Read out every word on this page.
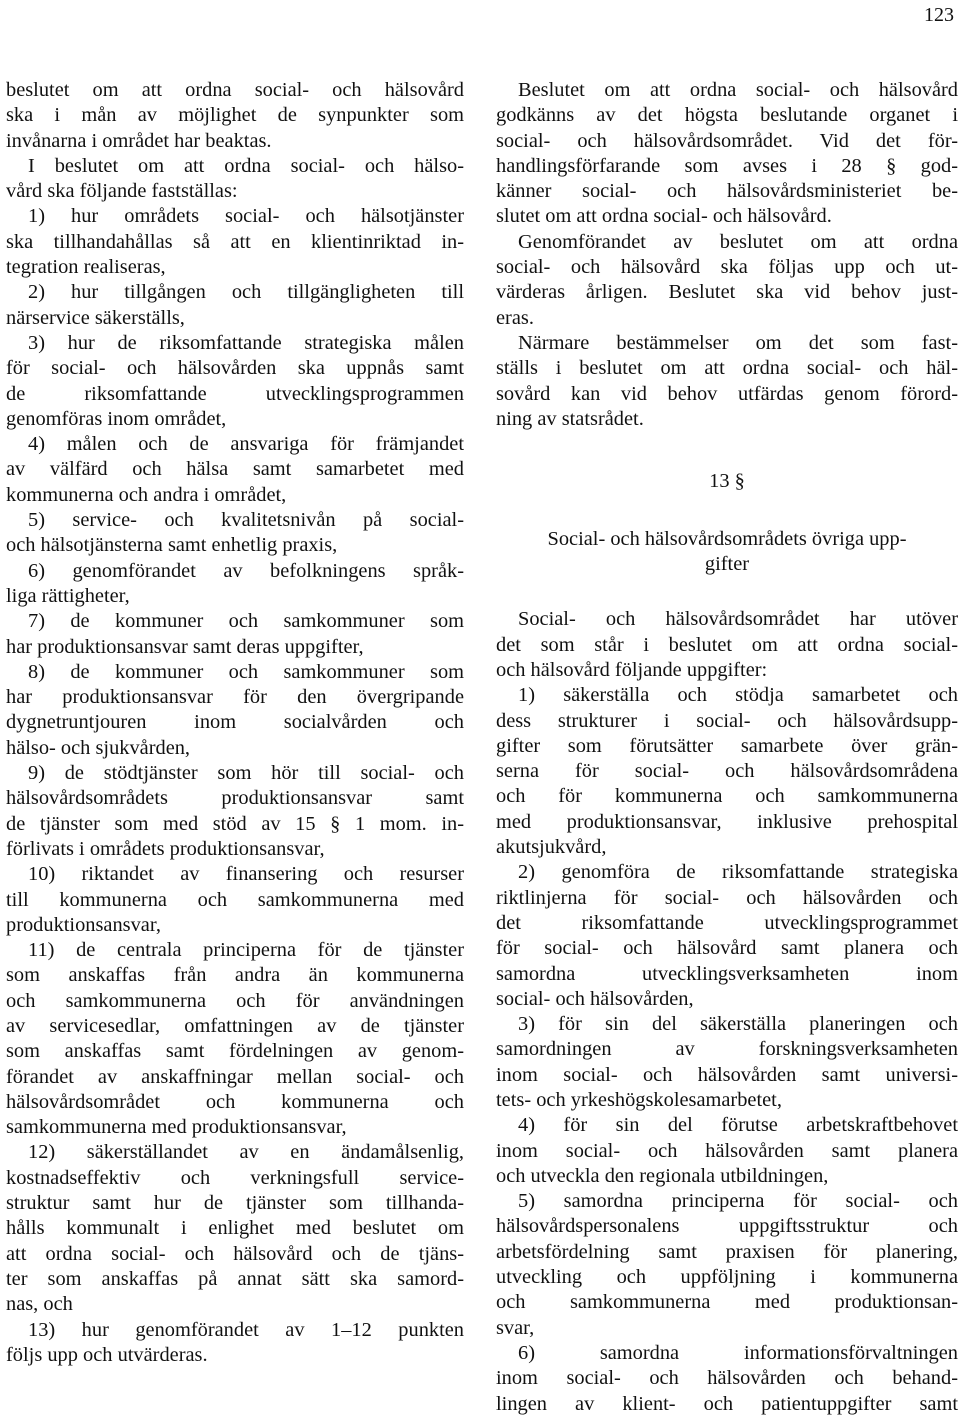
123
beslutet om att ordna social- och hälsovård
ska i mån av möjlighet de synpunkter som
invånarna i området har beaktas.
I beslutet om att ordna social- och hälso-
vård ska följande fastställas:
1) hur områdets social- och hälsotjänster
ska tillhandahållas så att en klientinriktad in-
tegration realiseras,
2) hur tillgången och tillgängligheten till
närservice säkerställs,
3) hur de riksomfattande strategiska målen
för social- och hälsovården ska uppnås samt
de riksomfattande utvecklingsprogrammen
genomföras inom området,
4) målen och de ansvariga för främjandet
av välfärd och hälsa samt samarbetet med
kommunerna och andra i området,
5) service- och kvalitetsnivån på social-
och hälsotjänsterna samt enhetlig praxis,
6) genomförandet av befolkningens språk-
liga rättigheter,
7) de kommuner och samkommuner som
har produktionsansvar samt deras uppgifter,
8) de kommuner och samkommuner som
har produktionsansvar för den övergripande
dygnetruntjouren inom socialvården och
hälso- och sjukvården,
9) de stödtjänster som hör till social- och
hälsovårdsområdets produktionsansvar samt
de tjänster som med stöd av 15 § 1 mom. in-
förlivats i områdets produktionsansvar,
10) riktandet av finansering och resurser
till kommunerna och samkommunerna med
produktionsansvar,
11) de centrala principerna för de tjänster
som anskaffas från andra än kommunerna
och samkommunerna och för användningen
av servicesedlar, omfattningen av de tjänster
som anskaffas samt fördelningen av genom-
förandet av anskaffningar mellan social- och
hälsovårdsområdet och kommunerna och
samkommunerna med produktionsansvar,
12) säkerställandet av en ändamålsenlig,
kostnadseffektiv och verkningsfull service-
struktur samt hur de tjänster som tillhanda-
hålls kommunalt i enlighet med beslutet om
att ordna social- och hälsovård och de tjäns-
ter som anskaffas på annat sätt ska samord-
nas, och
13) hur genomförandet av 1–12 punkten
följs upp och utvärderas.
Beslutet om att ordna social- och hälsovård
godkänns av det högsta beslutande organet i
social- och hälsovårdsområdet. Vid det för-
handlingsförfarande som avses i 28 § god-
känner social- och hälsovårdsministeriet be-
slutet om att ordna social- och hälsovård.
Genomförandet av beslutet om att ordna
social- och hälsovård ska följas upp och ut-
värderas årligen. Beslutet ska vid behov just-
eras.
Närmare bestämmelser om det som fast-
ställs i beslutet om att ordna social- och häl-
sovård kan vid behov utfärdas genom förord-
ning av statsrådet.
13 §
Social- och hälsovårdsområdets övriga upp-
gifter
Social- och hälsovårdsområdet har utöver
det som står i beslutet om att ordna social-
och hälsovård följande uppgifter:
1) säkerställa och stödja samarbetet och
dess strukturer i social- och hälsovårdsupp-
gifter som förutsätter samarbete över grän-
serna för social- och hälsovårdsområdena
och för kommunerna och samkommunerna
med produktionsansvar, inklusive prehospital
akutsjukvård,
2) genomföra de riksomfattande strategiska
riktlinjerna för social- och hälsovården och
det riksomfattande utvecklingsprogrammet
för social- och hälsovård samt planera och
samordna utvecklingsverksamheten inom
social- och hälsovården,
3) för sin del säkerställa planeringen och
samordningen av forskningsverksamheten
inom social- och hälsovården samt universi-
tets- och yrkeshögskolesamarbetet,
4) för sin del förutse arbetskraftbehovet
inom social- och hälsovården samt planera
och utveckla den regionala utbildningen,
5) samordna principerna för social- och
hälsovårdspersonalens uppgiftsstruktur och
arbetsfördelning samt praxisen för planering,
utveckling och uppföljning i kommunerna
och samkommunerna med produktionsan-
svar,
6) samordna informationsförvaltningen
inom social- och hälsovården och behand-
lingen av klient- och patientuppgifter samt
